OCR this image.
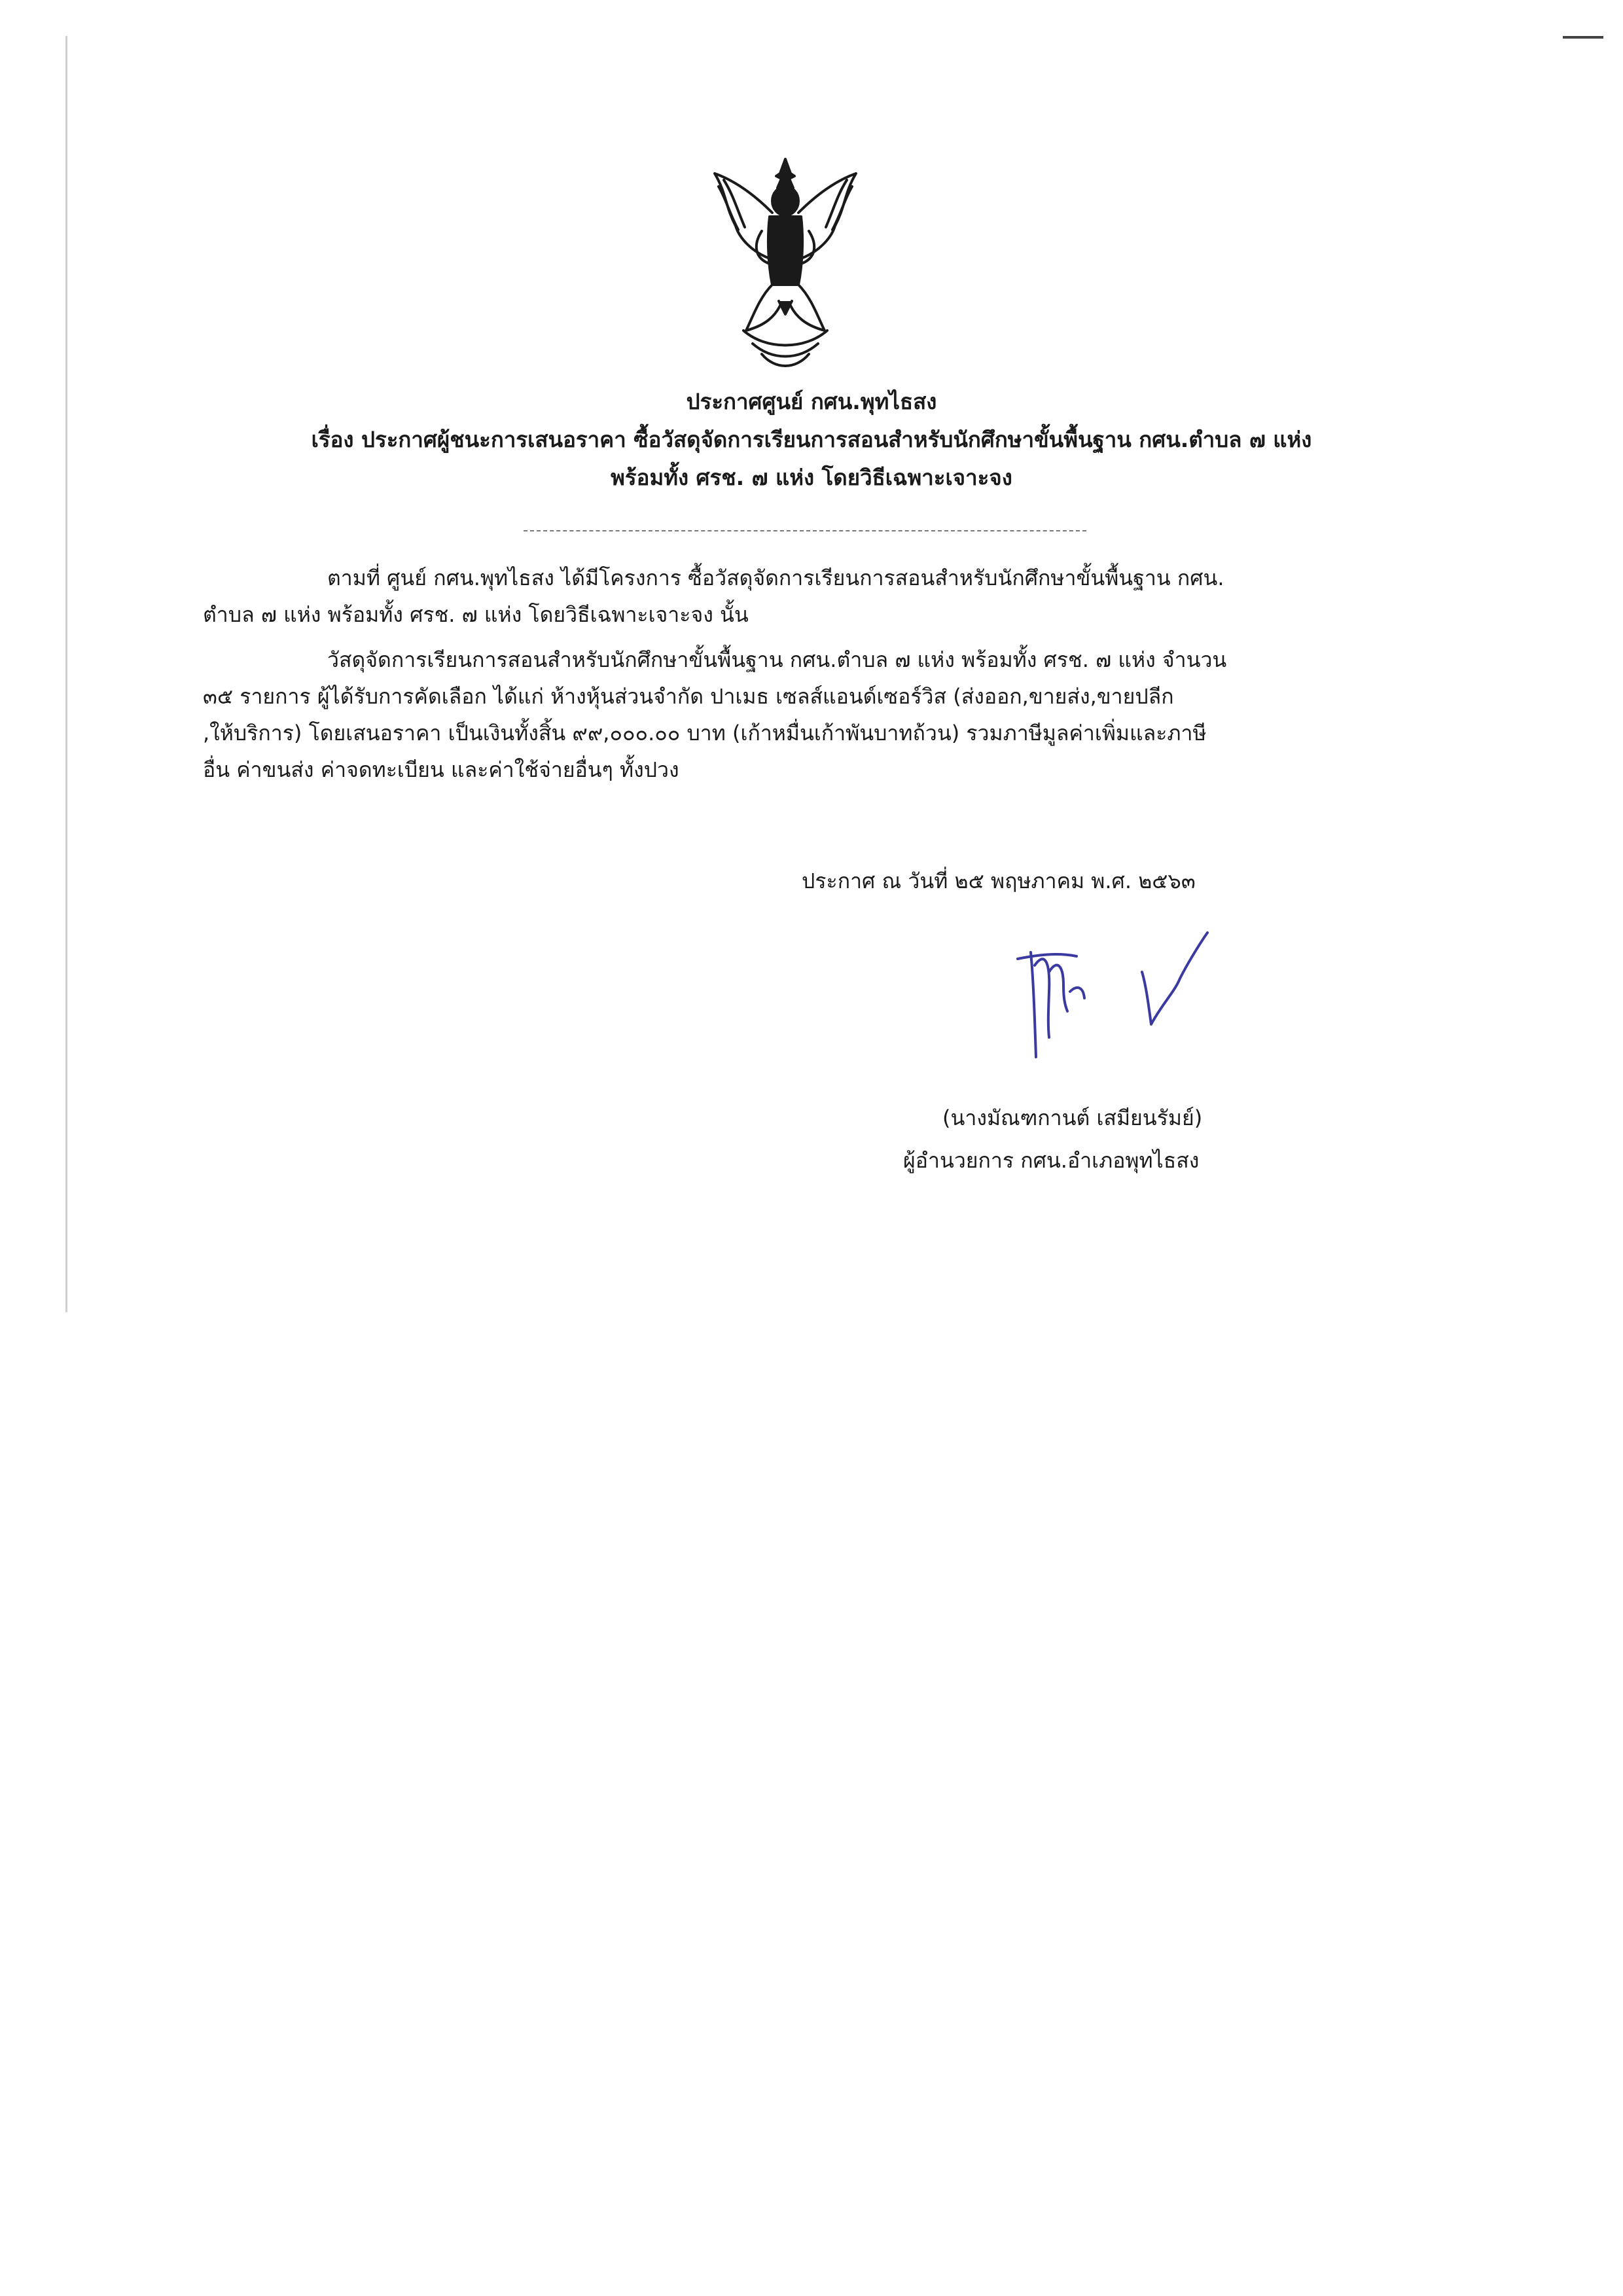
ประกาศศูนย์ กศน.พุทไธสง
เรื่อง ประกาศผู้ชนะการเสนอราคา ซื้อวัสดุจัดการเรียนการสอนสำหรับนักศึกษาขั้นพื้นฐาน กศน.ตำบล ๗ แห่ง
พร้อมทั้ง ศรช. ๗ แห่ง โดยวิธีเฉพาะเจาะจง
ตามที่ ศูนย์ กศน.พุทไธสง ได้มีโครงการ ซื้อวัสดุจัดการเรียนการสอนสำหรับนักศึกษาขั้นพื้นฐาน กศน.
ตำบล ๗ แห่ง พร้อมทั้ง ศรช. ๗ แห่ง โดยวิธีเฉพาะเจาะจง นั้น
วัสดุจัดการเรียนการสอนสำหรับนักศึกษาขั้นพื้นฐาน กศน.ตำบล ๗ แห่ง พร้อมทั้ง ศรช. ๗ แห่ง จำนวน
๓๕ รายการ ผู้ได้รับการคัดเลือก ได้แก่ ห้างหุ้นส่วนจำกัด ปาเมธ เซลส์แอนด์เซอร์วิส (ส่งออก,ขายส่ง,ขายปลีก
,ให้บริการ) โดยเสนอราคา เป็นเงินทั้งสิ้น ๙๙,๐๐๐.๐๐ บาท (เก้าหมื่นเก้าพันบาทถ้วน) รวมภาษีมูลค่าเพิ่มและภาษี
อื่น ค่าขนส่ง ค่าจดทะเบียน และค่าใช้จ่ายอื่นๆ ทั้งปวง
ประกาศ ณ วันที่ ๒๕ พฤษภาคม พ.ศ. ๒๕๖๓
(นางมัณฑกานต์ เสมียนรัมย์)
ผู้อำนวยการ กศน.อำเภอพุทไธสง
